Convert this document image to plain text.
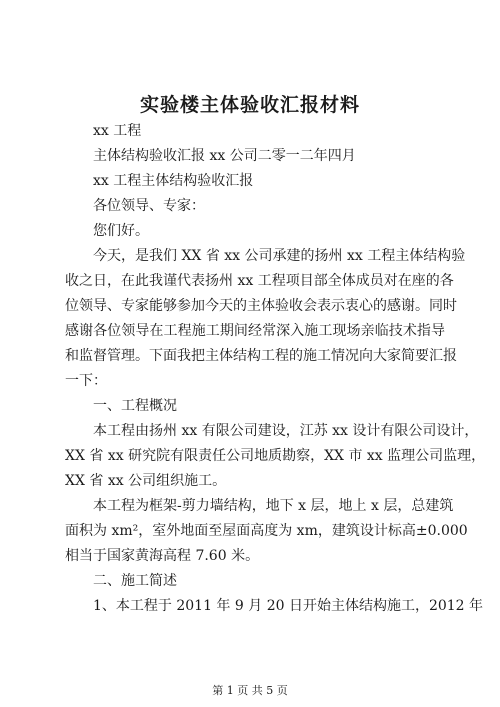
实验楼主体验收汇报材料
xx 工程
主体结构验收汇报 xx 公司二零一二年四月
xx 工程主体结构验收汇报
各位领导、专家：
您们好。
今天，是我们 XX 省 xx 公司承建的扬州 xx 工程主体结构验
收之日，在此我谨代表扬州 xx 工程项目部全体成员对在座的各
位领导、专家能够参加今天的主体验收会表示衷心的感谢。同时
感谢各位领导在工程施工期间经常深入施工现场亲临技术指导
和监督管理。下面我把主体结构工程的施工情况向大家简要汇报
一下：
一、工程概况
本工程由扬州 xx 有限公司建设，江苏 xx 设计有限公司设计，
XX 省 xx 研究院有限责任公司地质勘察，XX 市 xx 监理公司监理，
XX 省 xx 公司组织施工。
本工程为框架-剪力墙结构，地下 x 层，地上 x 层，总建筑
面积为 xm²，室外地面至屋面高度为 xm，建筑设计标高±0.000
相当于国家黄海高程 7.60 米。
二、施工简述
1、本工程于 2011 年 9 月 20 日开始主体结构施工，2012 年
第 1 页 共 5 页
